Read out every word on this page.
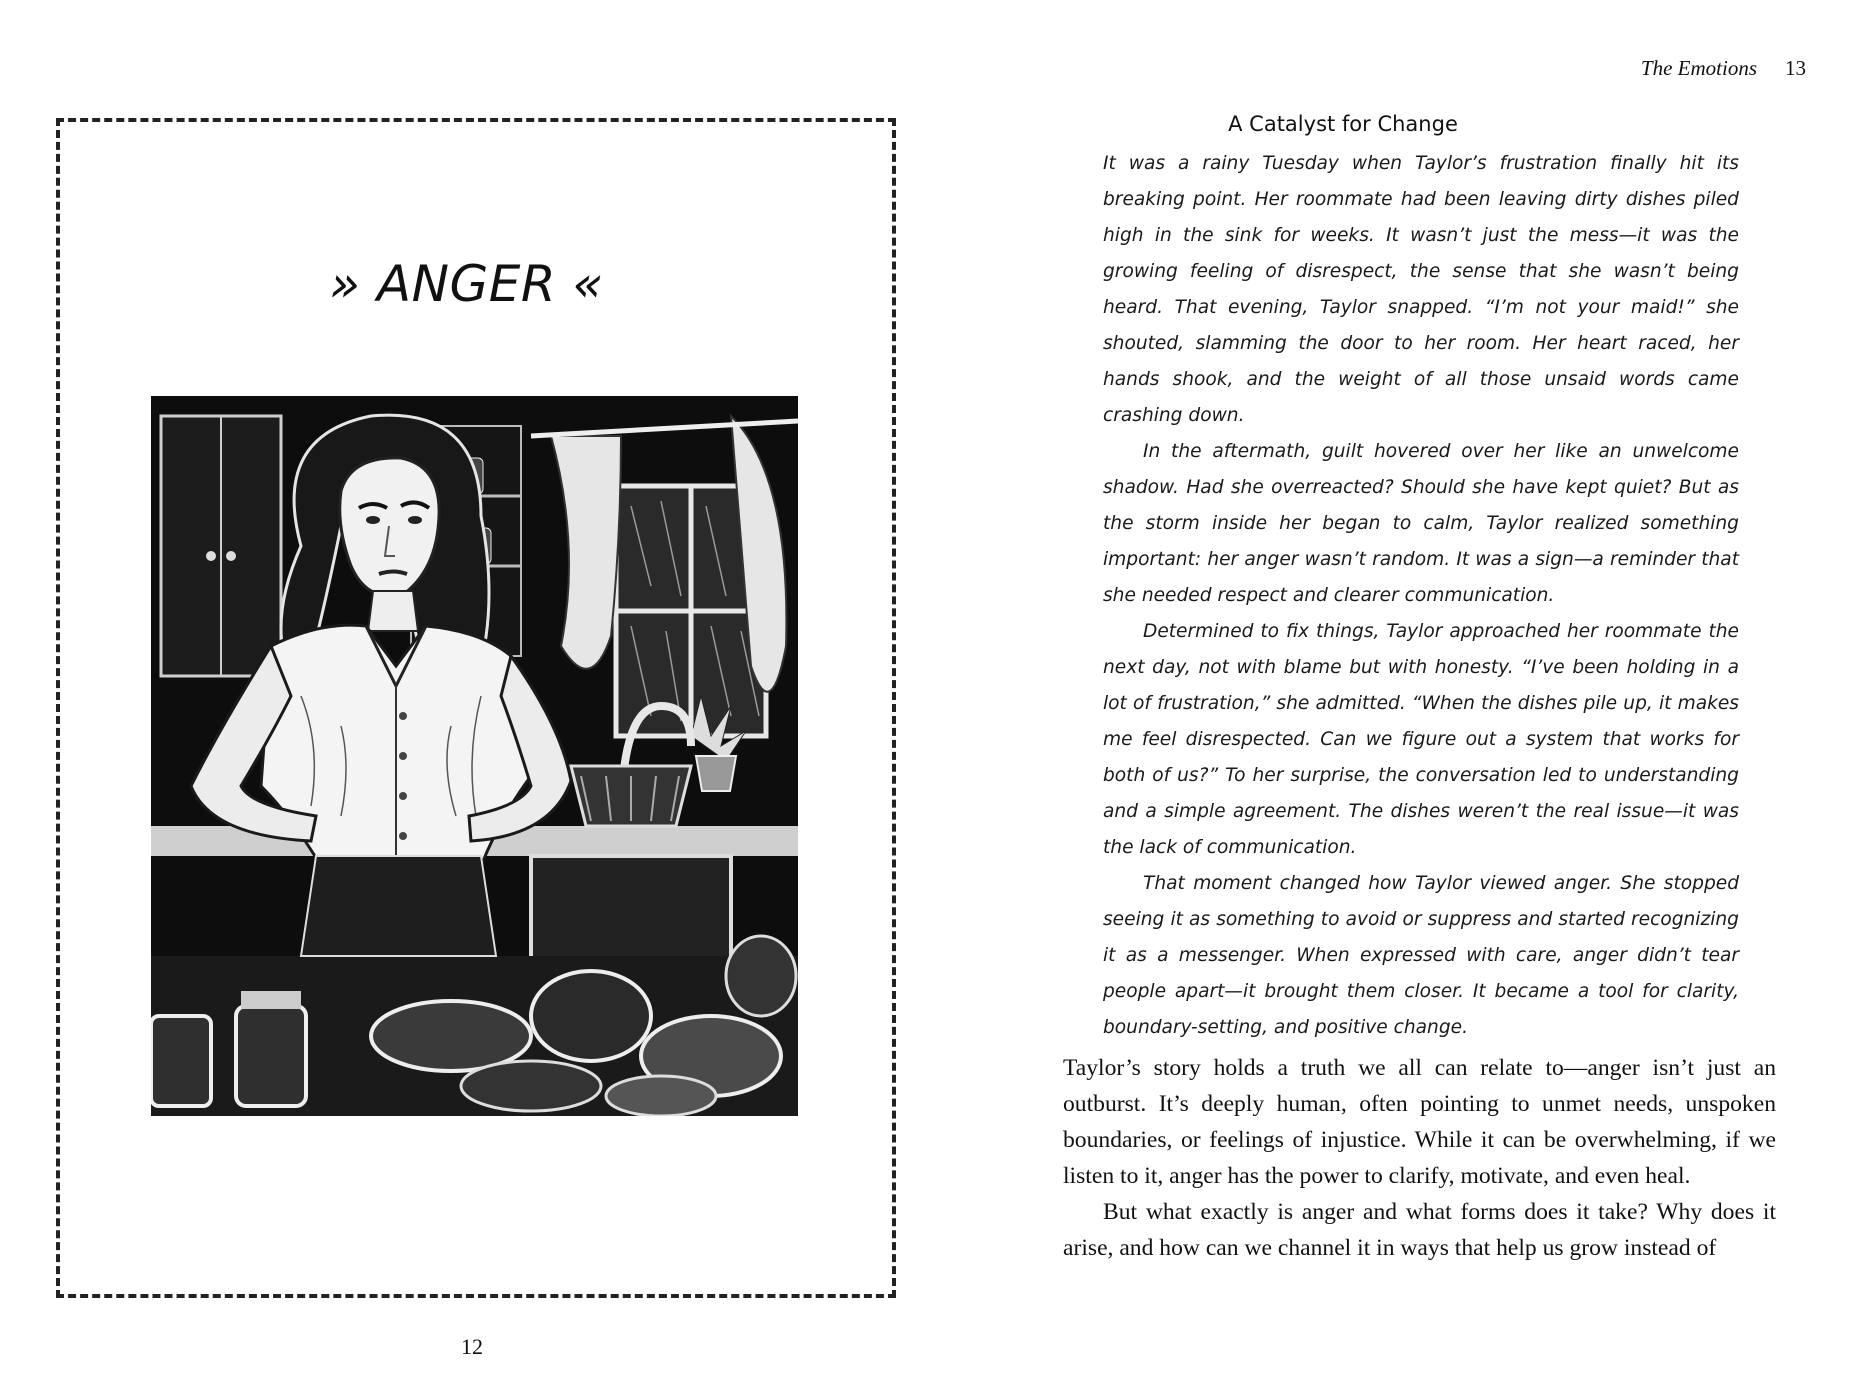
» ANGER «
12
The Emotions 13
A Catalyst for Change

It was a rainy Tuesday when Taylor’s frustration finally hit its breaking point. Her roommate had been leaving dirty dishes piled high in the sink for weeks. It wasn’t just the mess—it was the growing feeling of disrespect, the sense that she wasn’t being heard. That evening, Taylor snapped. “I’m not your maid!” she shouted, slamming the door to her room. Her heart raced, her hands shook, and the weight of all those unsaid words came crashing down.

In the aftermath, guilt hovered over her like an unwelcome shadow. Had she overreacted? Should she have kept quiet? But as the storm inside her began to calm, Taylor realized something important: her anger wasn’t random. It was a sign—a reminder that she needed respect and clearer communication.

Determined to fix things, Taylor approached her roommate the next day, not with blame but with honesty. “I’ve been holding in a lot of frustration,” she admitted. “When the dishes pile up, it makes me feel disrespected. Can we figure out a system that works for both of us?” To her surprise, the conversation led to understanding and a simple agreement. The dishes weren’t the real issue—it was the lack of communication.

That moment changed how Taylor viewed anger. She stopped seeing it as something to avoid or suppress and started recognizing it as a messenger. When expressed with care, anger didn’t tear people apart—it brought them closer. It became a tool for clarity, boundary-setting, and positive change.

Taylor’s story holds a truth we all can relate to—anger isn’t just an outburst. It’s deeply human, often pointing to unmet needs, unspoken boundaries, or feelings of injustice. While it can be overwhelming, if we listen to it, anger has the power to clarify, motivate, and even heal.

But what exactly is anger and what forms does it take? Why does it arise, and how can we channel it in ways that help us grow instead of
